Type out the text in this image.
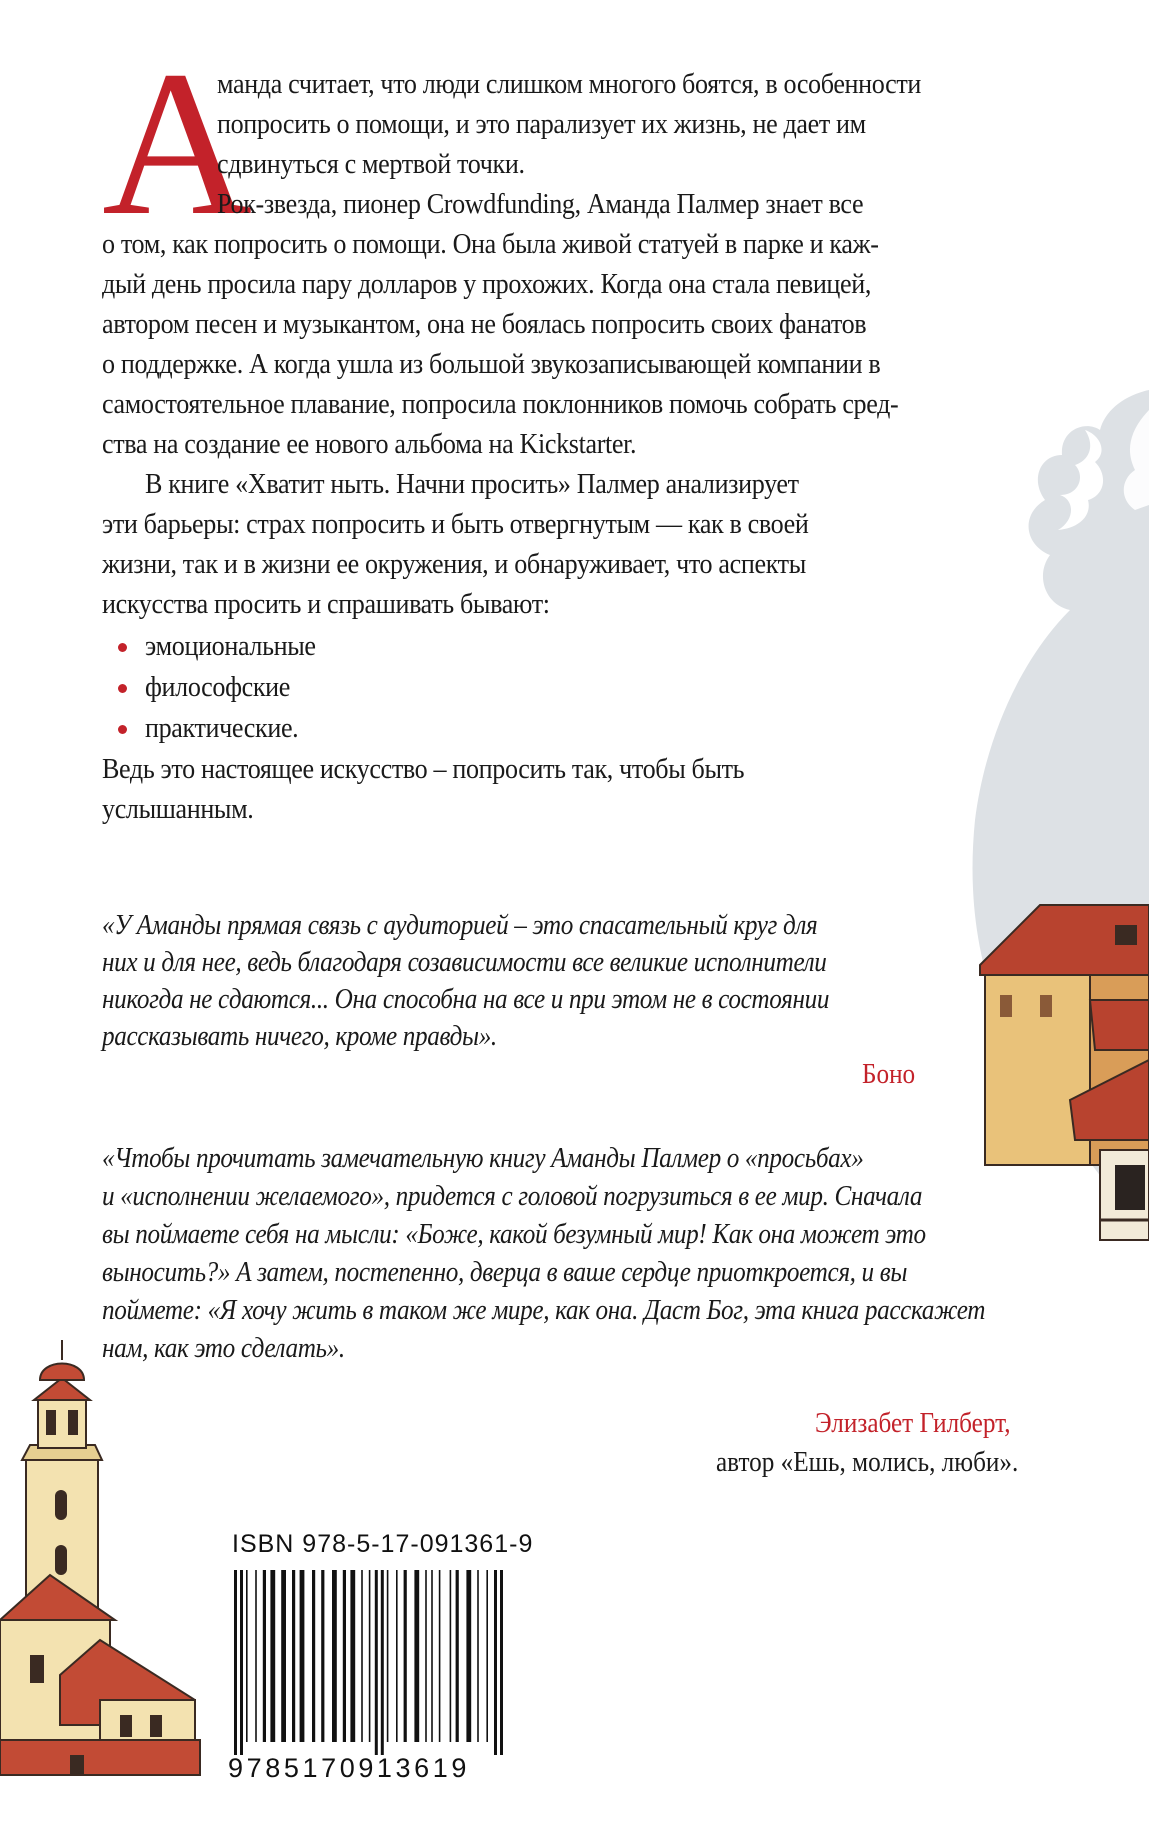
А
манда считает, что люди слишком многого боятся, в особенности
попросить о помощи, и это парализует их жизнь, не дает им
сдвинуться с мертвой точки.
Рок-звезда, пионер Crowdfunding, Аманда Палмер знает все
о том, как попросить о помощи. Она была живой статуей в парке и каж-
дый день просила пару долларов у прохожих. Когда она стала певицей,
автором песен и музыкантом, она не боялась попросить своих фанатов
о поддержке. А когда ушла из большой звукозаписывающей компании в
самостоятельное плавание, попросила поклонников помочь собрать сред-
ства на создание ее нового альбома на Kickstarter.
В книге «Хватит ныть. Начни просить» Палмер анализирует
эти барьеры: страх попросить и быть отвергнутым — как в своей
жизни, так и в жизни ее окружения, и обнаруживает, что аспекты
искусства просить и спрашивать бывают:
эмоциональные
философские
практические.
Ведь это настоящее искусство – попросить так, чтобы быть
услышанным.
«У Аманды прямая связь с аудиторией – это спасательный круг для
них и для нее, ведь благодаря созависимости все великие исполнители
никогда не сдаются... Она способна на все и при этом не в состоянии
рассказывать ничего, кроме правды».
Боно
«Чтобы прочитать замечательную книгу Аманды Палмер о «просьбах»
и «исполнении желаемого», придется с головой погрузиться в ее мир. Сначала
вы поймаете себя на мысли: «Боже, какой безумный мир! Как она может это
выносить?» А затем, постепенно, дверца в ваше сердце приоткроется, и вы
поймете: «Я хочу жить в таком же мире, как она. Даст Бог, эта книга расскажет
нам, как это сделать».
Элизабет Гилберт,
автор «Ешь, молись, люби».
ISBN 978-5-17-091361-9
9785170913619
